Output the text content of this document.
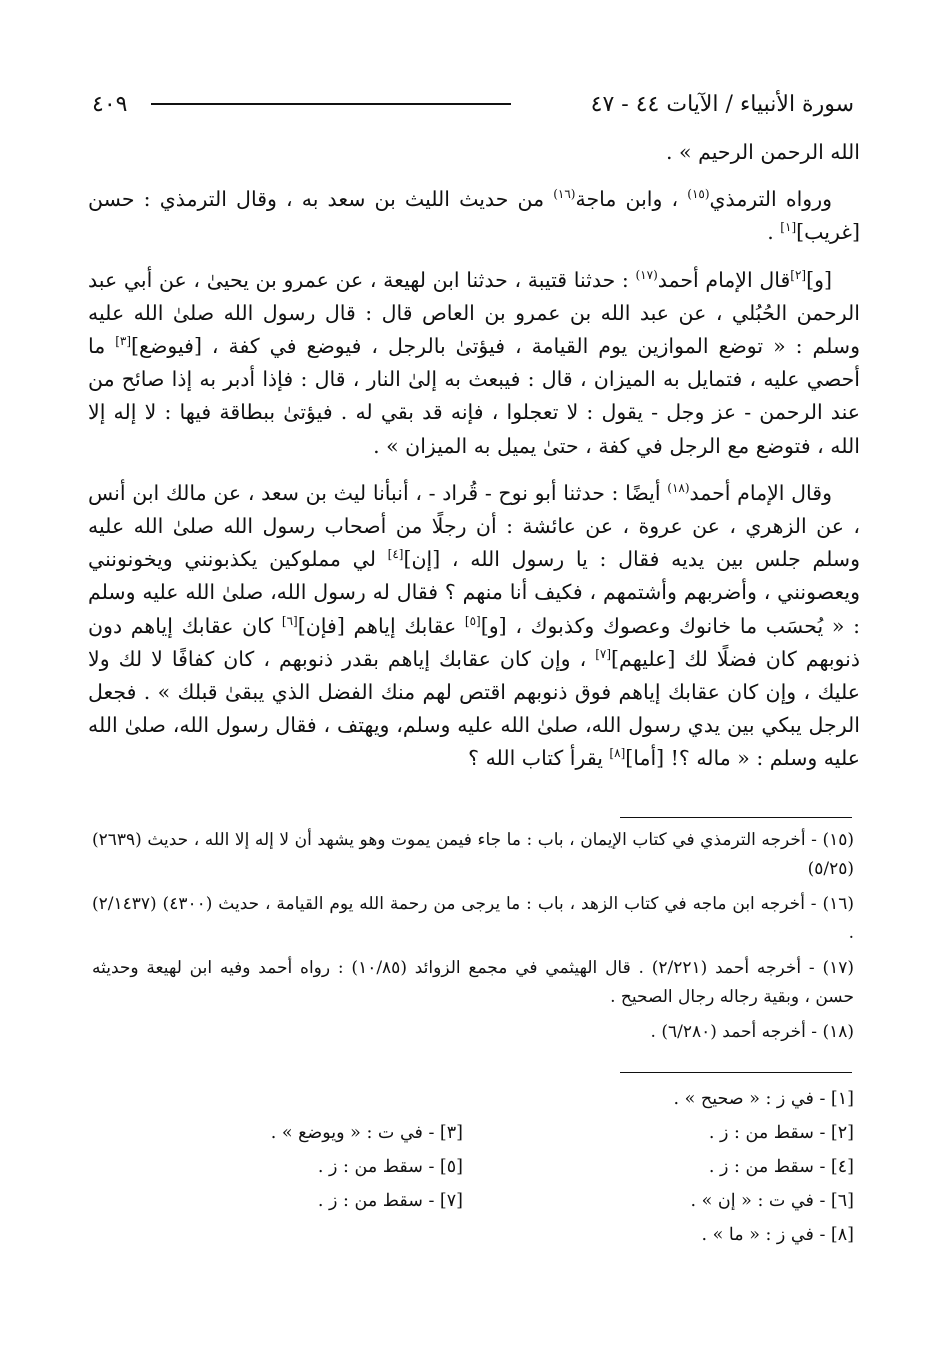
سورة الأنبياء / الآيات ٤٤ - ٤٧
٤٠٩

الله الرحمن الرحيم » .

ورواه الترمذي$^{(١٥)}$ ، وابن ماجة$^{(١٦)}$ من حديث الليث بن سعد به ، وقال الترمذي : حسن [غريب][١] .

[و][٢]قال الإمام أحمد$^{(١٧)}$ : حدثنا قتيبة ، حدثنا ابن لهيعة ، عن عمرو بن يحيىٰ ، عن أبي عبد الرحمن الحُبُلي ، عن عبد الله بن عمرو بن العاص قال : قال رسول الله صلىٰ الله عليه وسلم : « توضع الموازين يوم القيامة ، فيؤتىٰ بالرجل ، فيوضع في كفة ، [فيوضع][٣] ما أحصي عليه ، فتمايل به الميزان ، قال : فيبعث به إلىٰ النار ، قال : فإذا أدبر به إذا صائح من عند الرحمن - عز وجل - يقول : لا تعجلوا ، فإنه قد بقي له . فيؤتىٰ ببطاقة فيها : لا إله إلا الله ، فتوضع مع الرجل في كفة ، حتىٰ يميل به الميزان » .

وقال الإمام أحمد$^{(١٨)}$ أيضًا : حدثنا أبو نوح - قُراد - ، أنبأنا ليث بن سعد ، عن مالك ابن أنس ، عن الزهري ، عن عروة ، عن عائشة : أن رجلًا من أصحاب رسول الله صلىٰ الله عليه وسلم جلس بين يديه فقال : يا رسول الله ، [إن][٤] لي مملوكين يكذبونني ويخونونني ويعصونني ، وأضربهم وأشتمهم ، فكيف أنا منهم ؟ فقال له رسول الله، صلىٰ الله عليه وسلم : « يُحسَب ما خانوك وعصوك وكذبوك ، [و][٥] عقابك إياهم [فإن][٦] كان عقابك إياهم دون ذنوبهم كان فضلًا لك [عليهم][٧] ، وإن كان عقابك إياهم بقدر ذنوبهم ، كان كفافًا لا لك ولا عليك ، وإن كان عقابك إياهم فوق ذنوبهم اقتص لهم منك الفضل الذي يبقىٰ قبلك » . فجعل الرجل يبكي بين يدي رسول الله، صلىٰ الله عليه وسلم، ويهتف ، فقال رسول الله، صلىٰ الله عليه وسلم : « ماله ؟! [أما][٨] يقرأ كتاب الله ؟

(١٥) - أخرجه الترمذي في كتاب الإيمان ، باب : ما جاء فيمن يموت وهو يشهد أن لا إله إلا الله ، حديث (٢٦٣٩) (٥/٢٥)
(١٦) - أخرجه ابن ماجه في كتاب الزهد ، باب : ما يرجى من رحمة الله يوم القيامة ، حديث (٤٣٠٠) (٢/١٤٣٧) .
(١٧) - أخرجه أحمد (٢/٢٢١) . قال الهيثمي في مجمع الزوائد (١٠/٨٥) : رواه أحمد وفيه ابن لهيعة وحديثه حسن ، وبقية رجاله رجال الصحيح .
(١٨) - أخرجه أحمد (٦/٢٨٠) .
[١] - في ز : « صحيح » .
[٢] - سقط من : ز .
[٣] - في ت : « ويوضع » .
[٤] - سقط من : ز .
[٥] - سقط من : ز .
[٦] - في ت : « إن » .
[٧] - سقط من : ز .
[٨] - في ز : « ما » .
